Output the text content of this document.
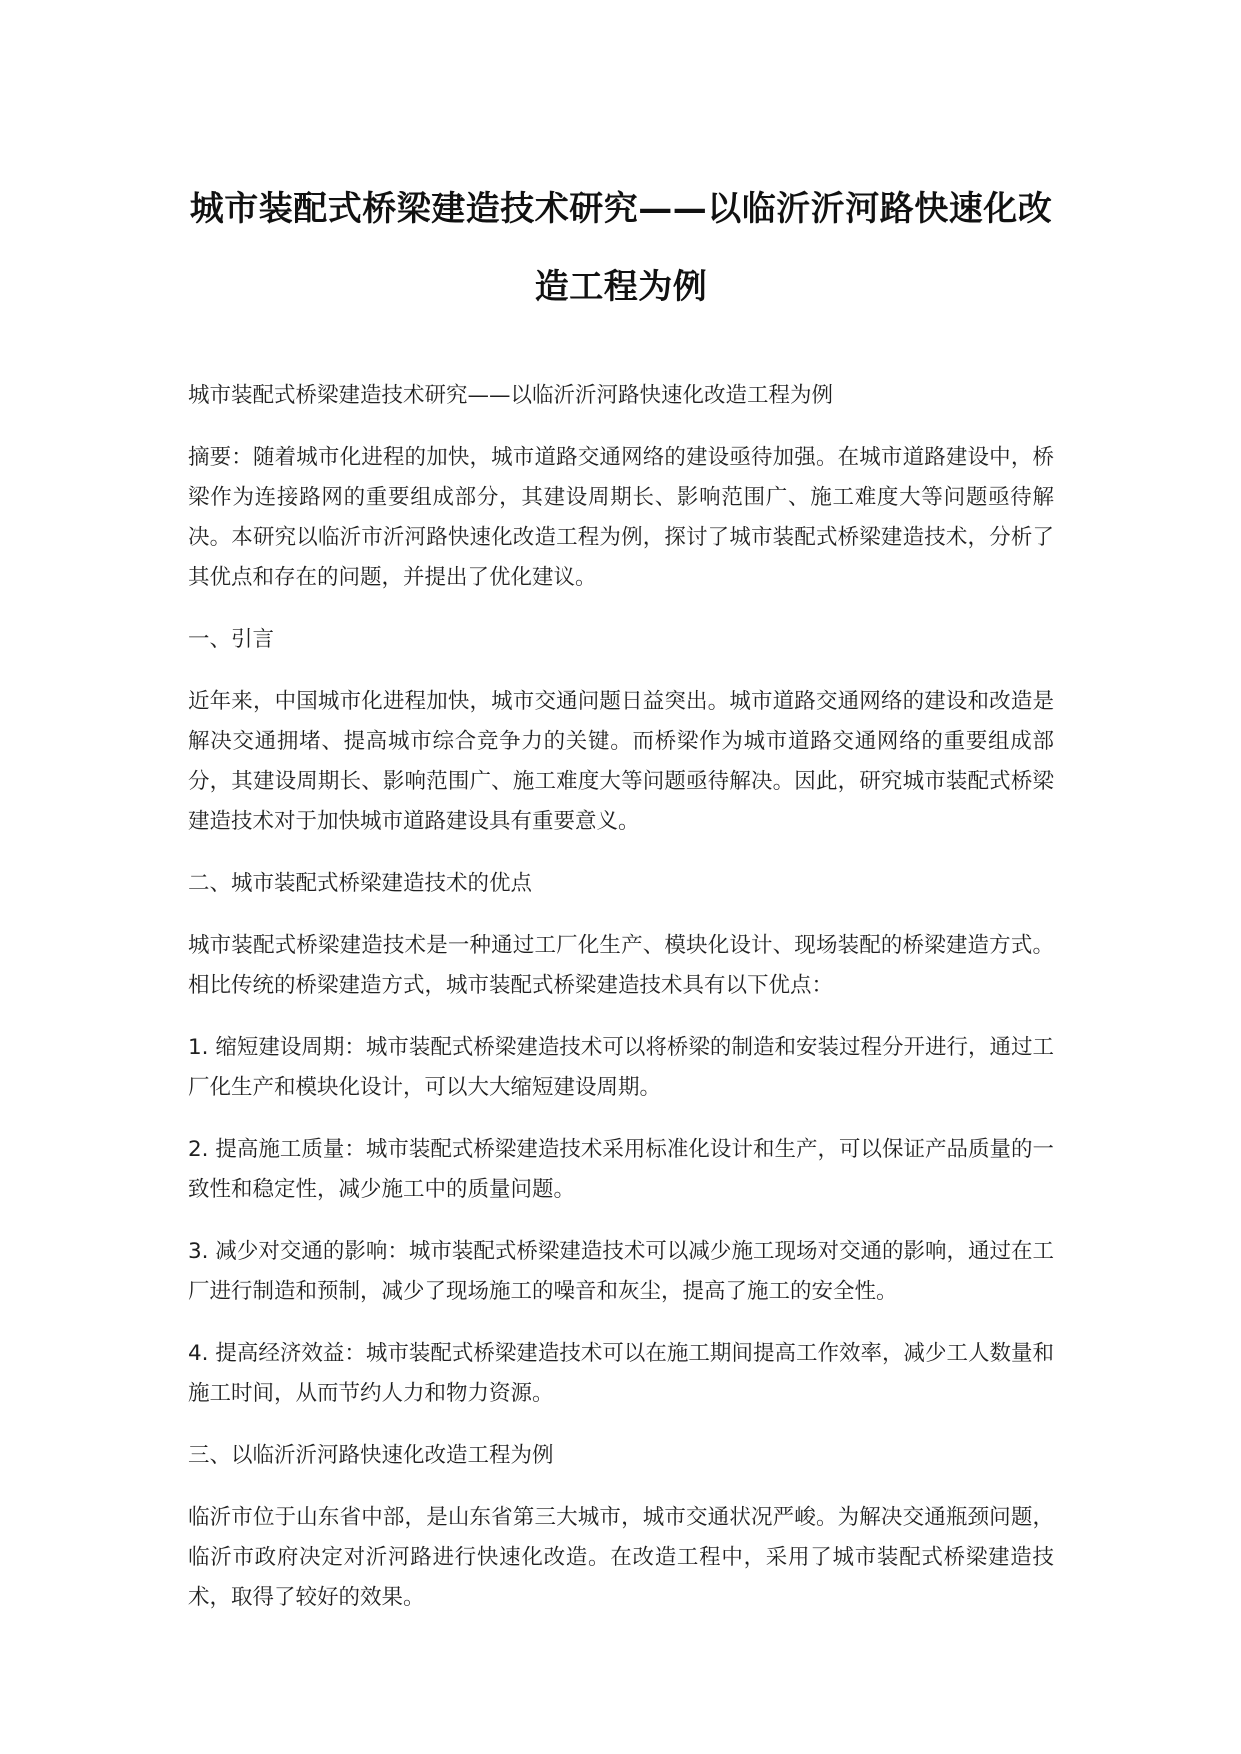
城市装配式桥梁建造技术研究——以临沂沂河路快速化改
造工程为例

城市装配式桥梁建造技术研究——以临沂沂河路快速化改造工程为例

摘要：随着城市化进程的加快，城市道路交通网络的建设亟待加强。在城市道路建设中，桥梁作为连接路网的重要组成部分，其建设周期长、影响范围广、施工难度大等问题亟待解决。本研究以临沂市沂河路快速化改造工程为例，探讨了城市装配式桥梁建造技术，分析了其优点和存在的问题，并提出了优化建议。

一、引言

近年来，中国城市化进程加快，城市交通问题日益突出。城市道路交通网络的建设和改造是解决交通拥堵、提高城市综合竞争力的关键。而桥梁作为城市道路交通网络的重要组成部分，其建设周期长、影响范围广、施工难度大等问题亟待解决。因此，研究城市装配式桥梁建造技术对于加快城市道路建设具有重要意义。

二、城市装配式桥梁建造技术的优点

城市装配式桥梁建造技术是一种通过工厂化生产、模块化设计、现场装配的桥梁建造方式。相比传统的桥梁建造方式，城市装配式桥梁建造技术具有以下优点：

1. 缩短建设周期：城市装配式桥梁建造技术可以将桥梁的制造和安装过程分开进行，通过工厂化生产和模块化设计，可以大大缩短建设周期。

2. 提高施工质量：城市装配式桥梁建造技术采用标准化设计和生产，可以保证产品质量的一致性和稳定性，减少施工中的质量问题。

3. 减少对交通的影响：城市装配式桥梁建造技术可以减少施工现场对交通的影响，通过在工厂进行制造和预制，减少了现场施工的噪音和灰尘，提高了施工的安全性。

4. 提高经济效益：城市装配式桥梁建造技术可以在施工期间提高工作效率，减少工人数量和施工时间，从而节约人力和物力资源。

三、以临沂沂河路快速化改造工程为例

临沂市位于山东省中部，是山东省第三大城市，城市交通状况严峻。为解决交通瓶颈问题，临沂市政府决定对沂河路进行快速化改造。在改造工程中，采用了城市装配式桥梁建造技术，取得了较好的效果。
